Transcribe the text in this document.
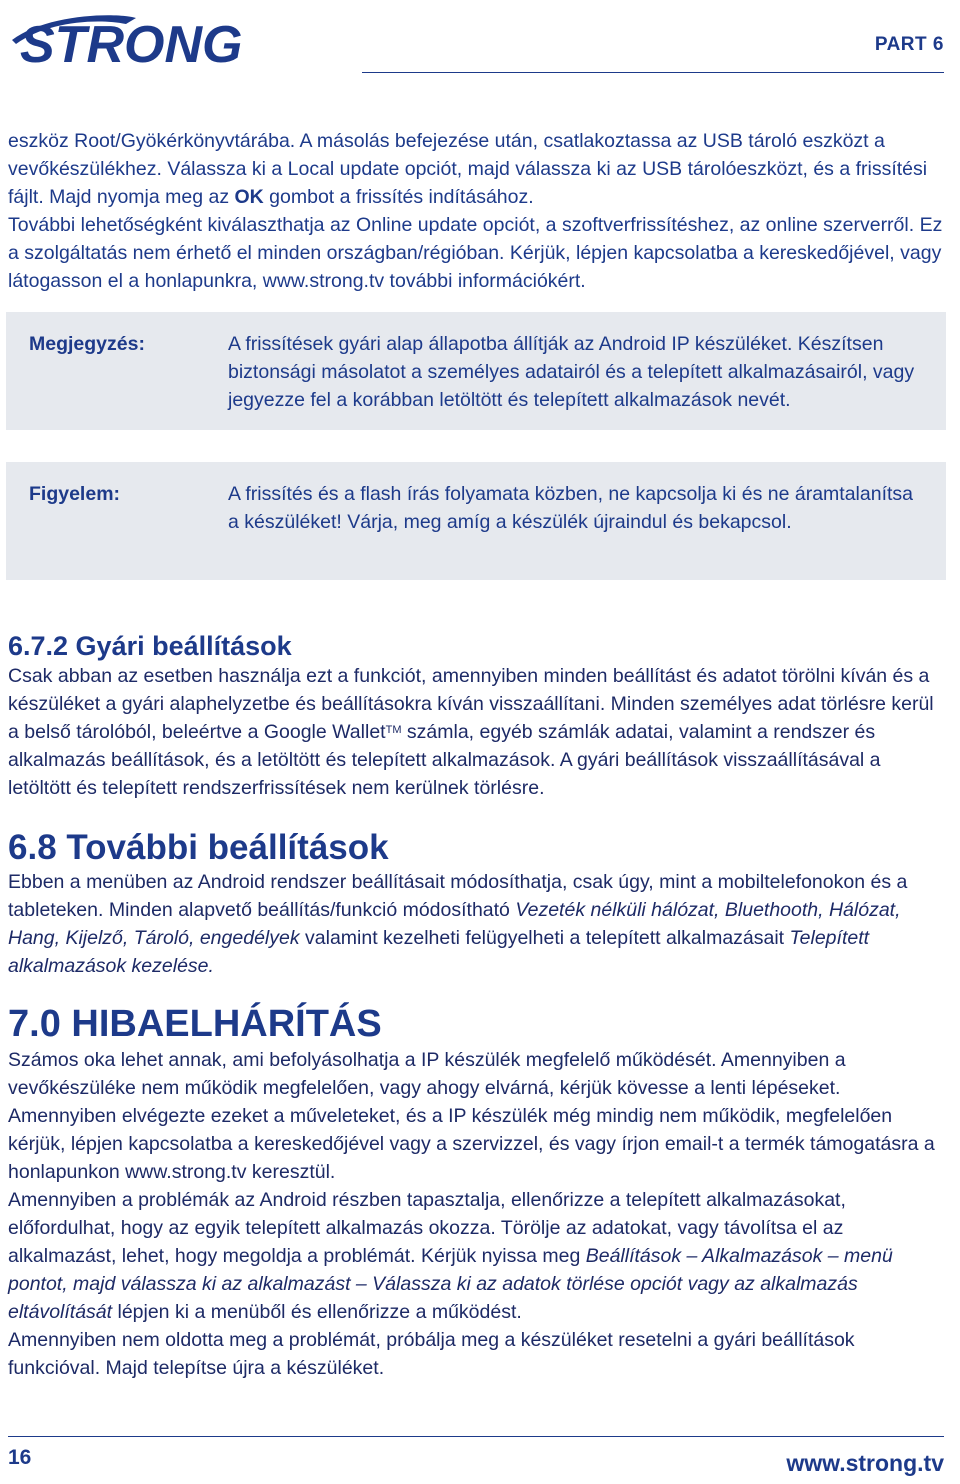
STRONG	PART 6

eszköz Root/Gyökérkönyvtárába. A másolás befejezése után, csatlakoztassa az USB tároló eszközt a vevőkészülékhez. Válassza ki a Local update opciót, majd válassza ki az USB tárolóeszközt, és a frissítési fájlt. Majd nyomja meg az OK gombot a frissítés indításához.

További lehetőségként kiválaszthatja az Online update opciót, a szoftverfrissítéshez, az online szerverről. Ez a szolgáltatás nem érhető el minden országban/régióban. Kérjük, lépjen kapcsolatba a kereskedőjével, vagy látogasson el a honlapunkra, www.strong.tv további információkért.

Megjegyzés:	A frissítések gyári alap állapotba állítják az Android IP készüléket. Készítsen biztonsági másolatot a személyes adatairól és a telepített alkalmazásairól, vagy jegyezze fel a korábban letöltött és telepített alkalmazások nevét.
Figyelem:	A frissítés és a flash írás folyamata közben, ne kapcsolja ki és ne áramtalanítsa a készüléket! Várja, meg amíg a készülék újraindul és bekapcsol.
6.7.2 Gyári beállítások

Csak abban az esetben használja ezt a funkciót, amennyiben minden beállítást és adatot törölni kíván és a készüléket a gyári alaphelyzetbe és beállításokra kíván visszaállítani. Minden személyes adat törlésre kerül a belső tárolóból, beleértve a Google Wallet™ számla, egyéb számlák adatai, valamint a rendszer és alkalmazás beállítások, és a letöltött és telepített alkalmazások. A gyári beállítások visszaállításával a letöltött és telepített rendszerfrissítések nem kerülnek törlésre.

6.8 További beállítások

Ebben a menüben az Android rendszer beállításait módosíthatja, csak úgy, mint a mobiltelefonokon és a tableteken. Minden alapvető beállítás/funkció módosítható Vezeték nélküli hálózat, Bluethooth, Hálózat, Hang, Kijelző, Tároló, engedélyek valamint kezelheti felügyelheti a telepített alkalmazásait Telepített alkalmazások kezelése.

7.0 HIBAELHÁRÍTÁS

Számos oka lehet annak, ami befolyásolhatja a IP készülék megfelelő működését. Amennyiben a vevőkészüléke nem működik megfelelően, vagy ahogy elvárná, kérjük kövesse a lenti lépéseket. Amennyiben elvégezte ezeket a műveleteket, és a IP készülék még mindig nem működik, megfelelően kérjük, lépjen kapcsolatba a kereskedőjével vagy a szervizzel, és vagy írjon email-t a termék támogatásra a honlapunkon www.strong.tv keresztül.

Amennyiben a problémák az Android részben tapasztalja, ellenőrizze a telepített alkalmazásokat, előfordulhat, hogy az egyik telepített alkalmazás okozza. Törölje az adatokat, vagy távolítsa el az alkalmazást, lehet, hogy megoldja a problémát. Kérjük nyissa meg Beállítások – Alkalmazások – menü pontot, majd válassza ki az alkalmazást – Válassza ki az adatok törlése opciót vagy az alkalmazás eltávolítását lépjen ki a menüből és ellenőrizze a működést.

Amennyiben nem oldotta meg a problémát, próbálja meg a készüléket resetelni a gyári beállítások funkcióval. Majd telepítse újra a készüléket.

16	www.strong.tv
